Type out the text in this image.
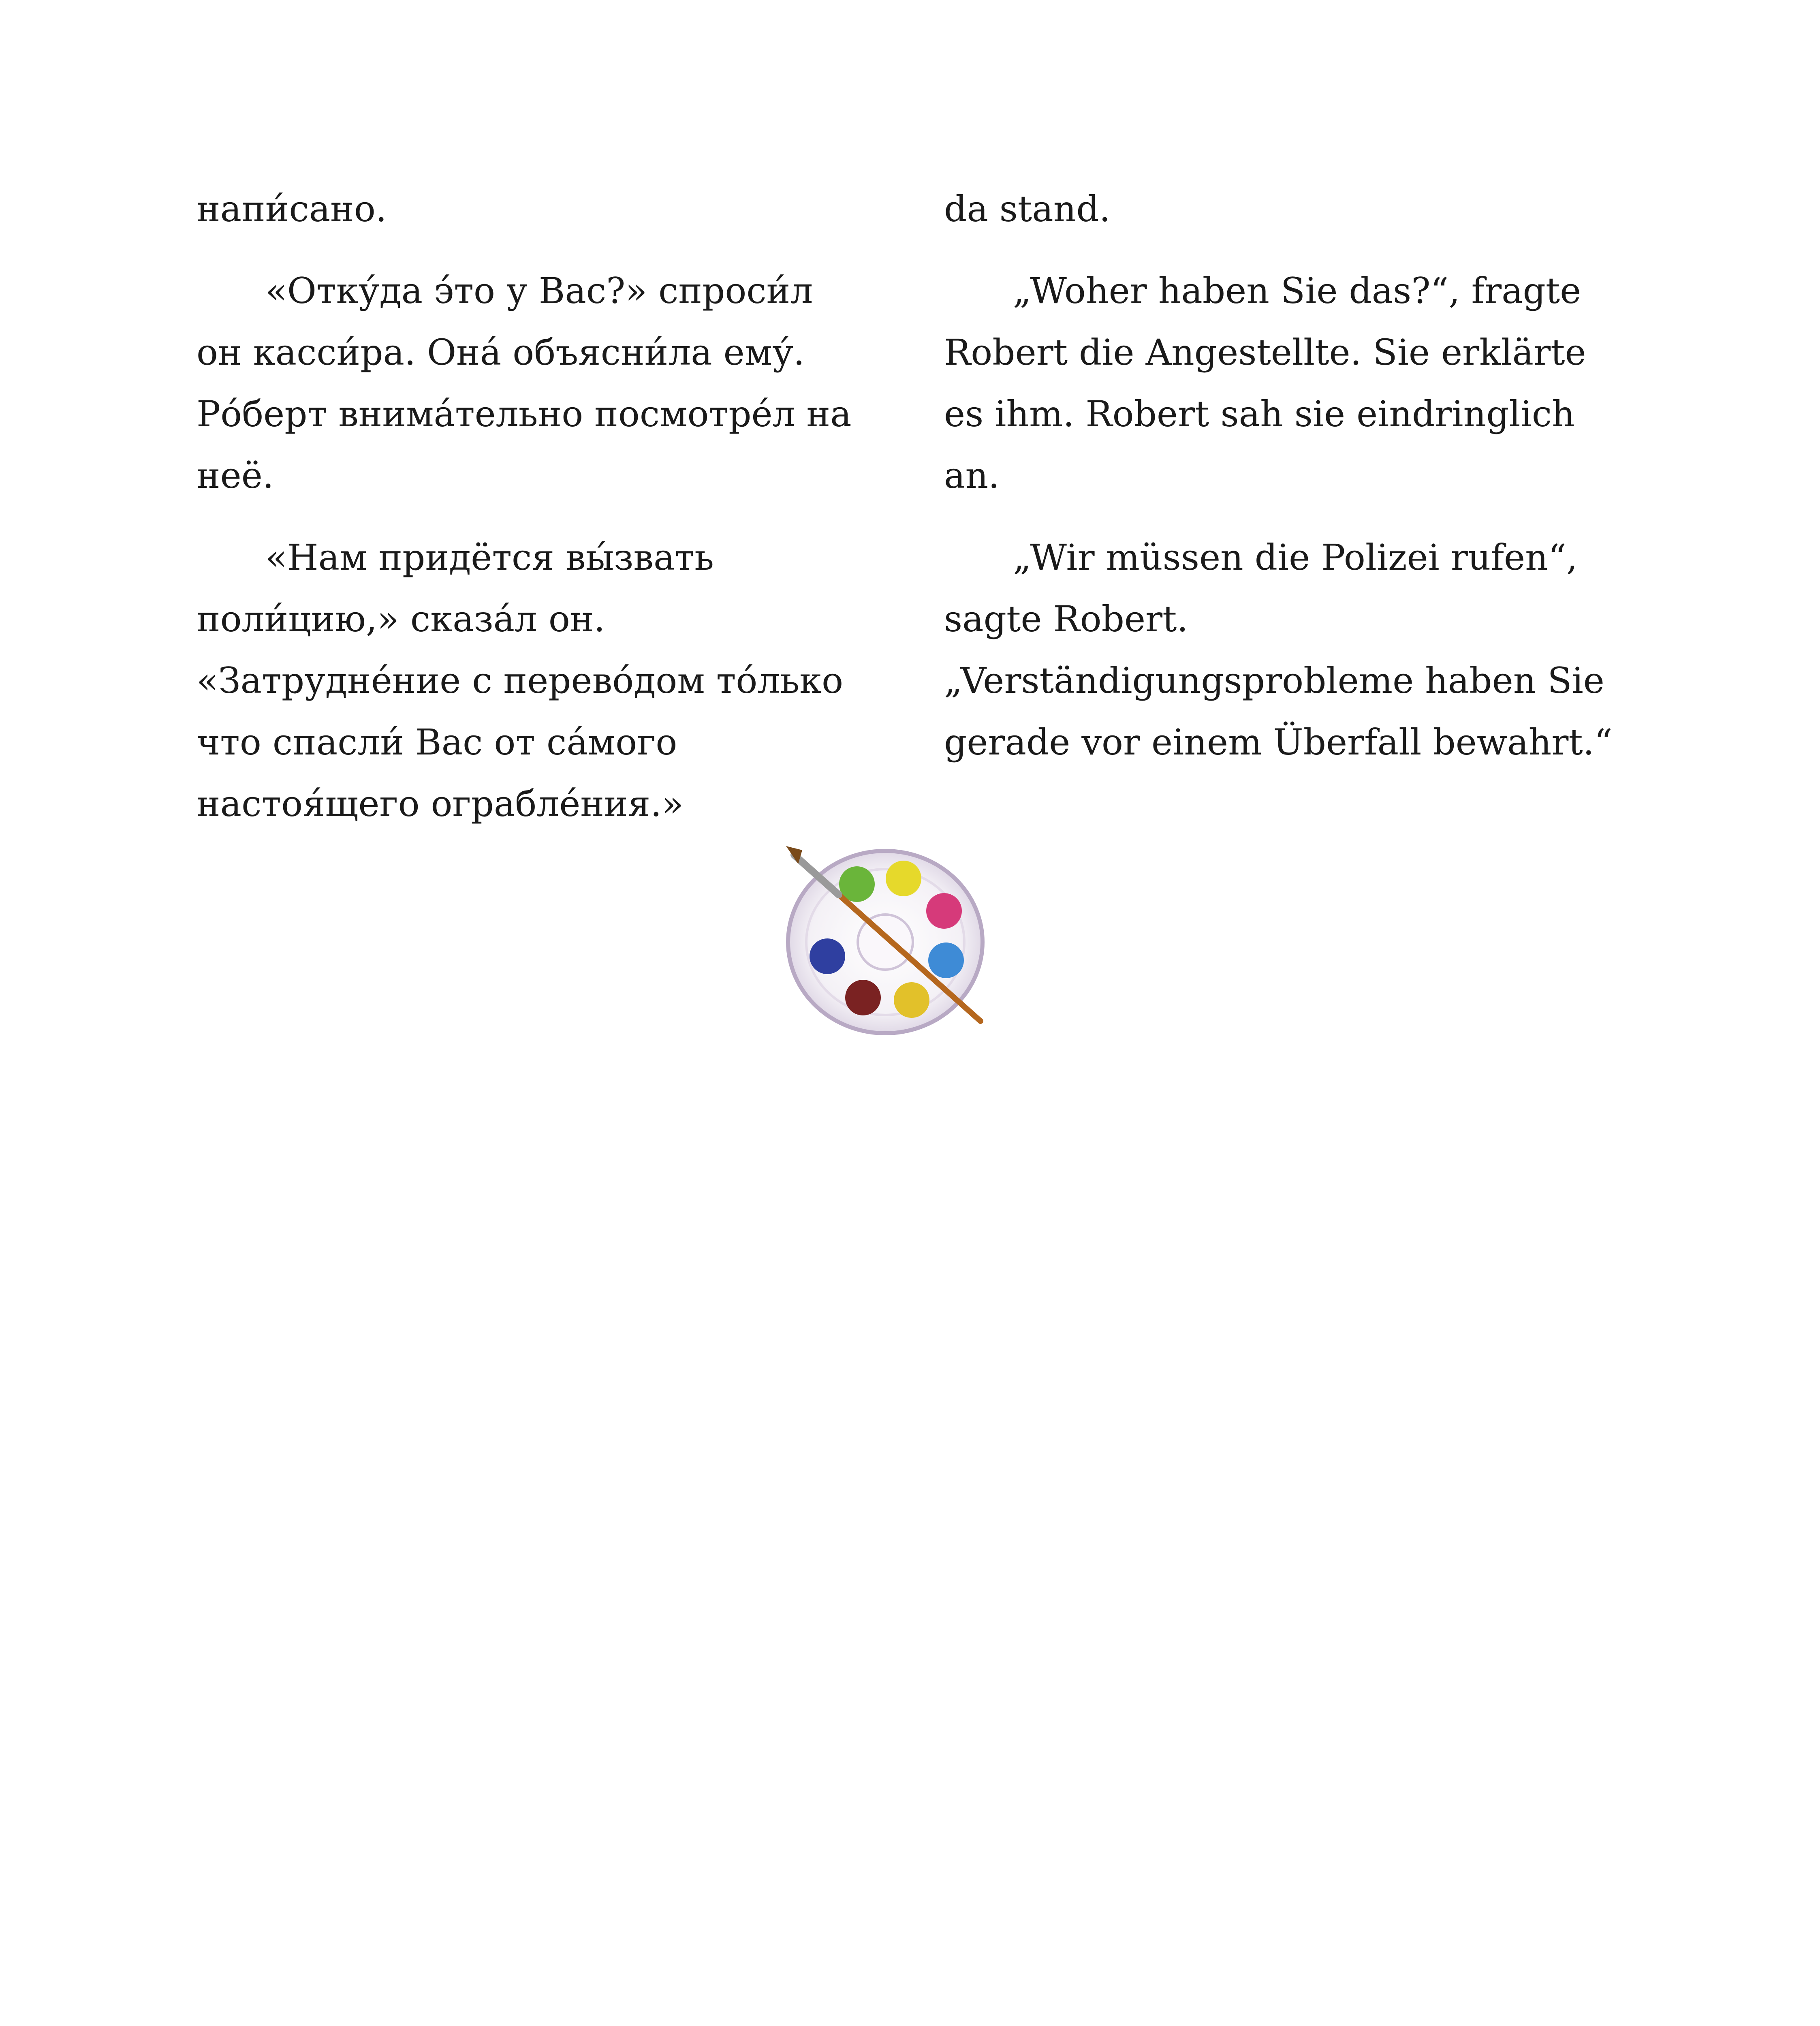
напи́сано.

«Отку́да э́то у Вас?» спроси́л он касси́ра. Она́ объясни́ла ему́. Ро́берт внима́тельно посмотре́л на неё.

«Нам придётся вы́звать поли́цию,» сказа́л он. «Затрудне́ние с перево́дом то́лько что спасли́ Вас от са́мого настоя́щего ограбле́ния.»

da stand.

„Woher haben Sie das?“, fragte Robert die Angestellte. Sie erklärte es ihm. Robert sah sie eindringlich an.

„Wir müssen die Polizei rufen“, sagte Robert. „Verständigungsprobleme haben Sie gerade vor einem Überfall bewahrt.“
